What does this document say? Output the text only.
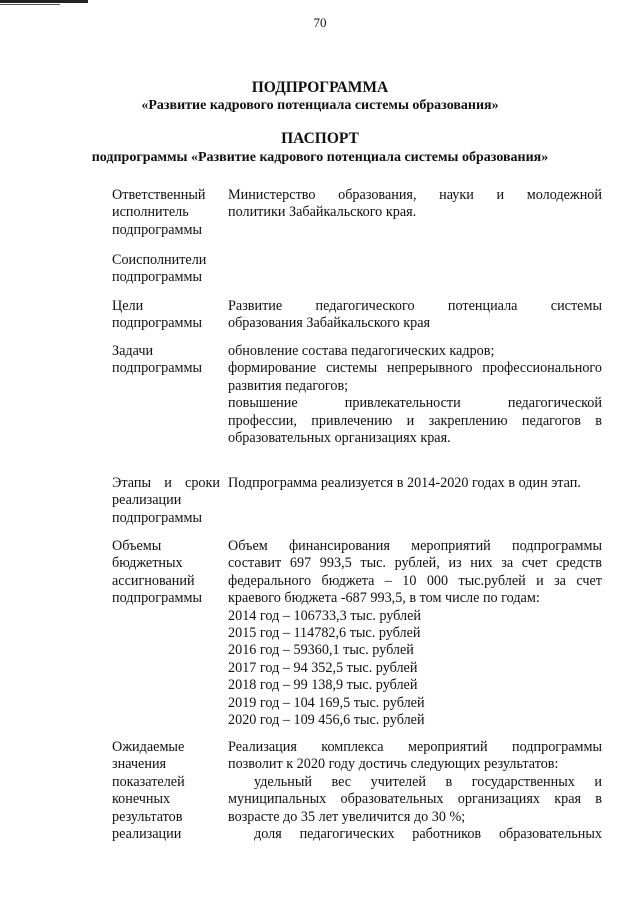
70
ПОДПРОГРАММА
«Развитие кадрового потенциала системы образования»
ПАСПОРТ
подпрограммы «Развитие кадрового потенциала системы образования»
Ответственный
исполнитель
подпрограммы
Министерство образования, науки и молодежной
политики Забайкальского края.
Соисполнители
подпрограммы
Цели
подпрограммы
Развитие педагогического потенциала системы
образования Забайкальского края
Задачи
подпрограммы
обновление состава педагогических кадров;
формирование системы непрерывного профессионального
развития педагогов;
повышение привлекательности педагогической
профессии, привлечению и закреплению педагогов в
образовательных организациях края.
Этапы и сроки
реализации
подпрограммы
Подпрограмма реализуется в 2014-2020 годах в один этап.
Объемы
бюджетных
ассигнований
подпрограммы
Объем финансирования мероприятий подпрограммы
составит 697 993,5 тыс. рублей, из них за счет средств
федерального бюджета – 10 000 тыс.рублей и за счет
краевого бюджета -687 993,5, в том числе по годам:
2014 год – 106733,3 тыс. рублей
2015 год – 114782,6 тыс. рублей
2016 год – 59360,1 тыс. рублей
2017 год – 94 352,5 тыс. рублей
2018 год – 99 138,9 тыс. рублей
2019 год – 104 169,5 тыс. рублей
2020 год – 109 456,6 тыс. рублей
Ожидаемые
значения
показателей
конечных
результатов
реализации
Реализация комплекса мероприятий подпрограммы
позволит к 2020 году достичь следующих результатов:
удельный вес учителей в государственных и
муниципальных образовательных организациях края в
возрасте до 35 лет увеличится до 30 %;
доля педагогических работников образовательных
